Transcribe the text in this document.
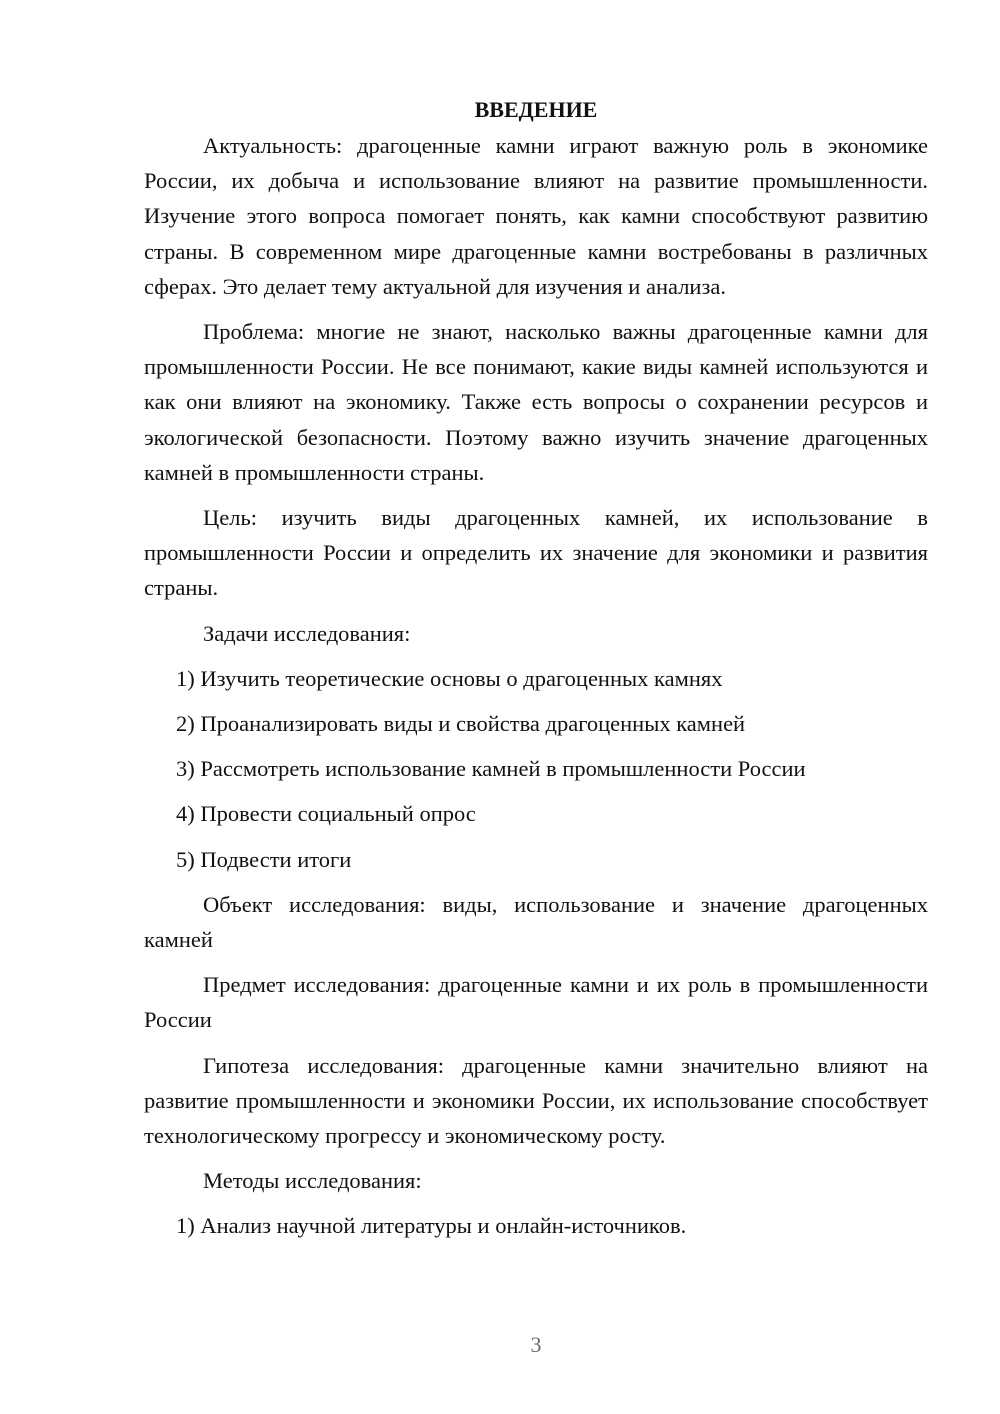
ВВЕДЕНИЕ

Актуальность: драгоценные камни играют важную роль в экономике России, их добыча и использование влияют на развитие промышленности. Изучение этого вопроса помогает понять, как камни способствуют развитию страны. В современном мире драгоценные камни востребованы в различных сферах. Это делает тему актуальной для изучения и анализа.

Проблема: многие не знают, насколько важны драгоценные камни для промышленности России. Не все понимают, какие виды камней используются и как они влияют на экономику. Также есть вопросы о сохранении ресурсов и экологической безопасности. Поэтому важно изучить значение драгоценных камней в промышленности страны.

Цель: изучить виды драгоценных камней, их использование в промышленности России и определить их значение для экономики и развития страны.

Задачи исследования:

1) Изучить теоретические основы о драгоценных камнях

2) Проанализировать виды и свойства драгоценных камней

3) Рассмотреть использование камней в промышленности России

4) Провести социальный опрос

5) Подвести итоги

Объект исследования: виды, использование и значение драгоценных камней

Предмет исследования: драгоценные камни и их роль в промышленности России

Гипотеза исследования: драгоценные камни значительно влияют на развитие промышленности и экономики России, их использование способствует технологическому прогрессу и экономическому росту.

Методы исследования:

1) Анализ научной литературы и онлайн-источников.

3
